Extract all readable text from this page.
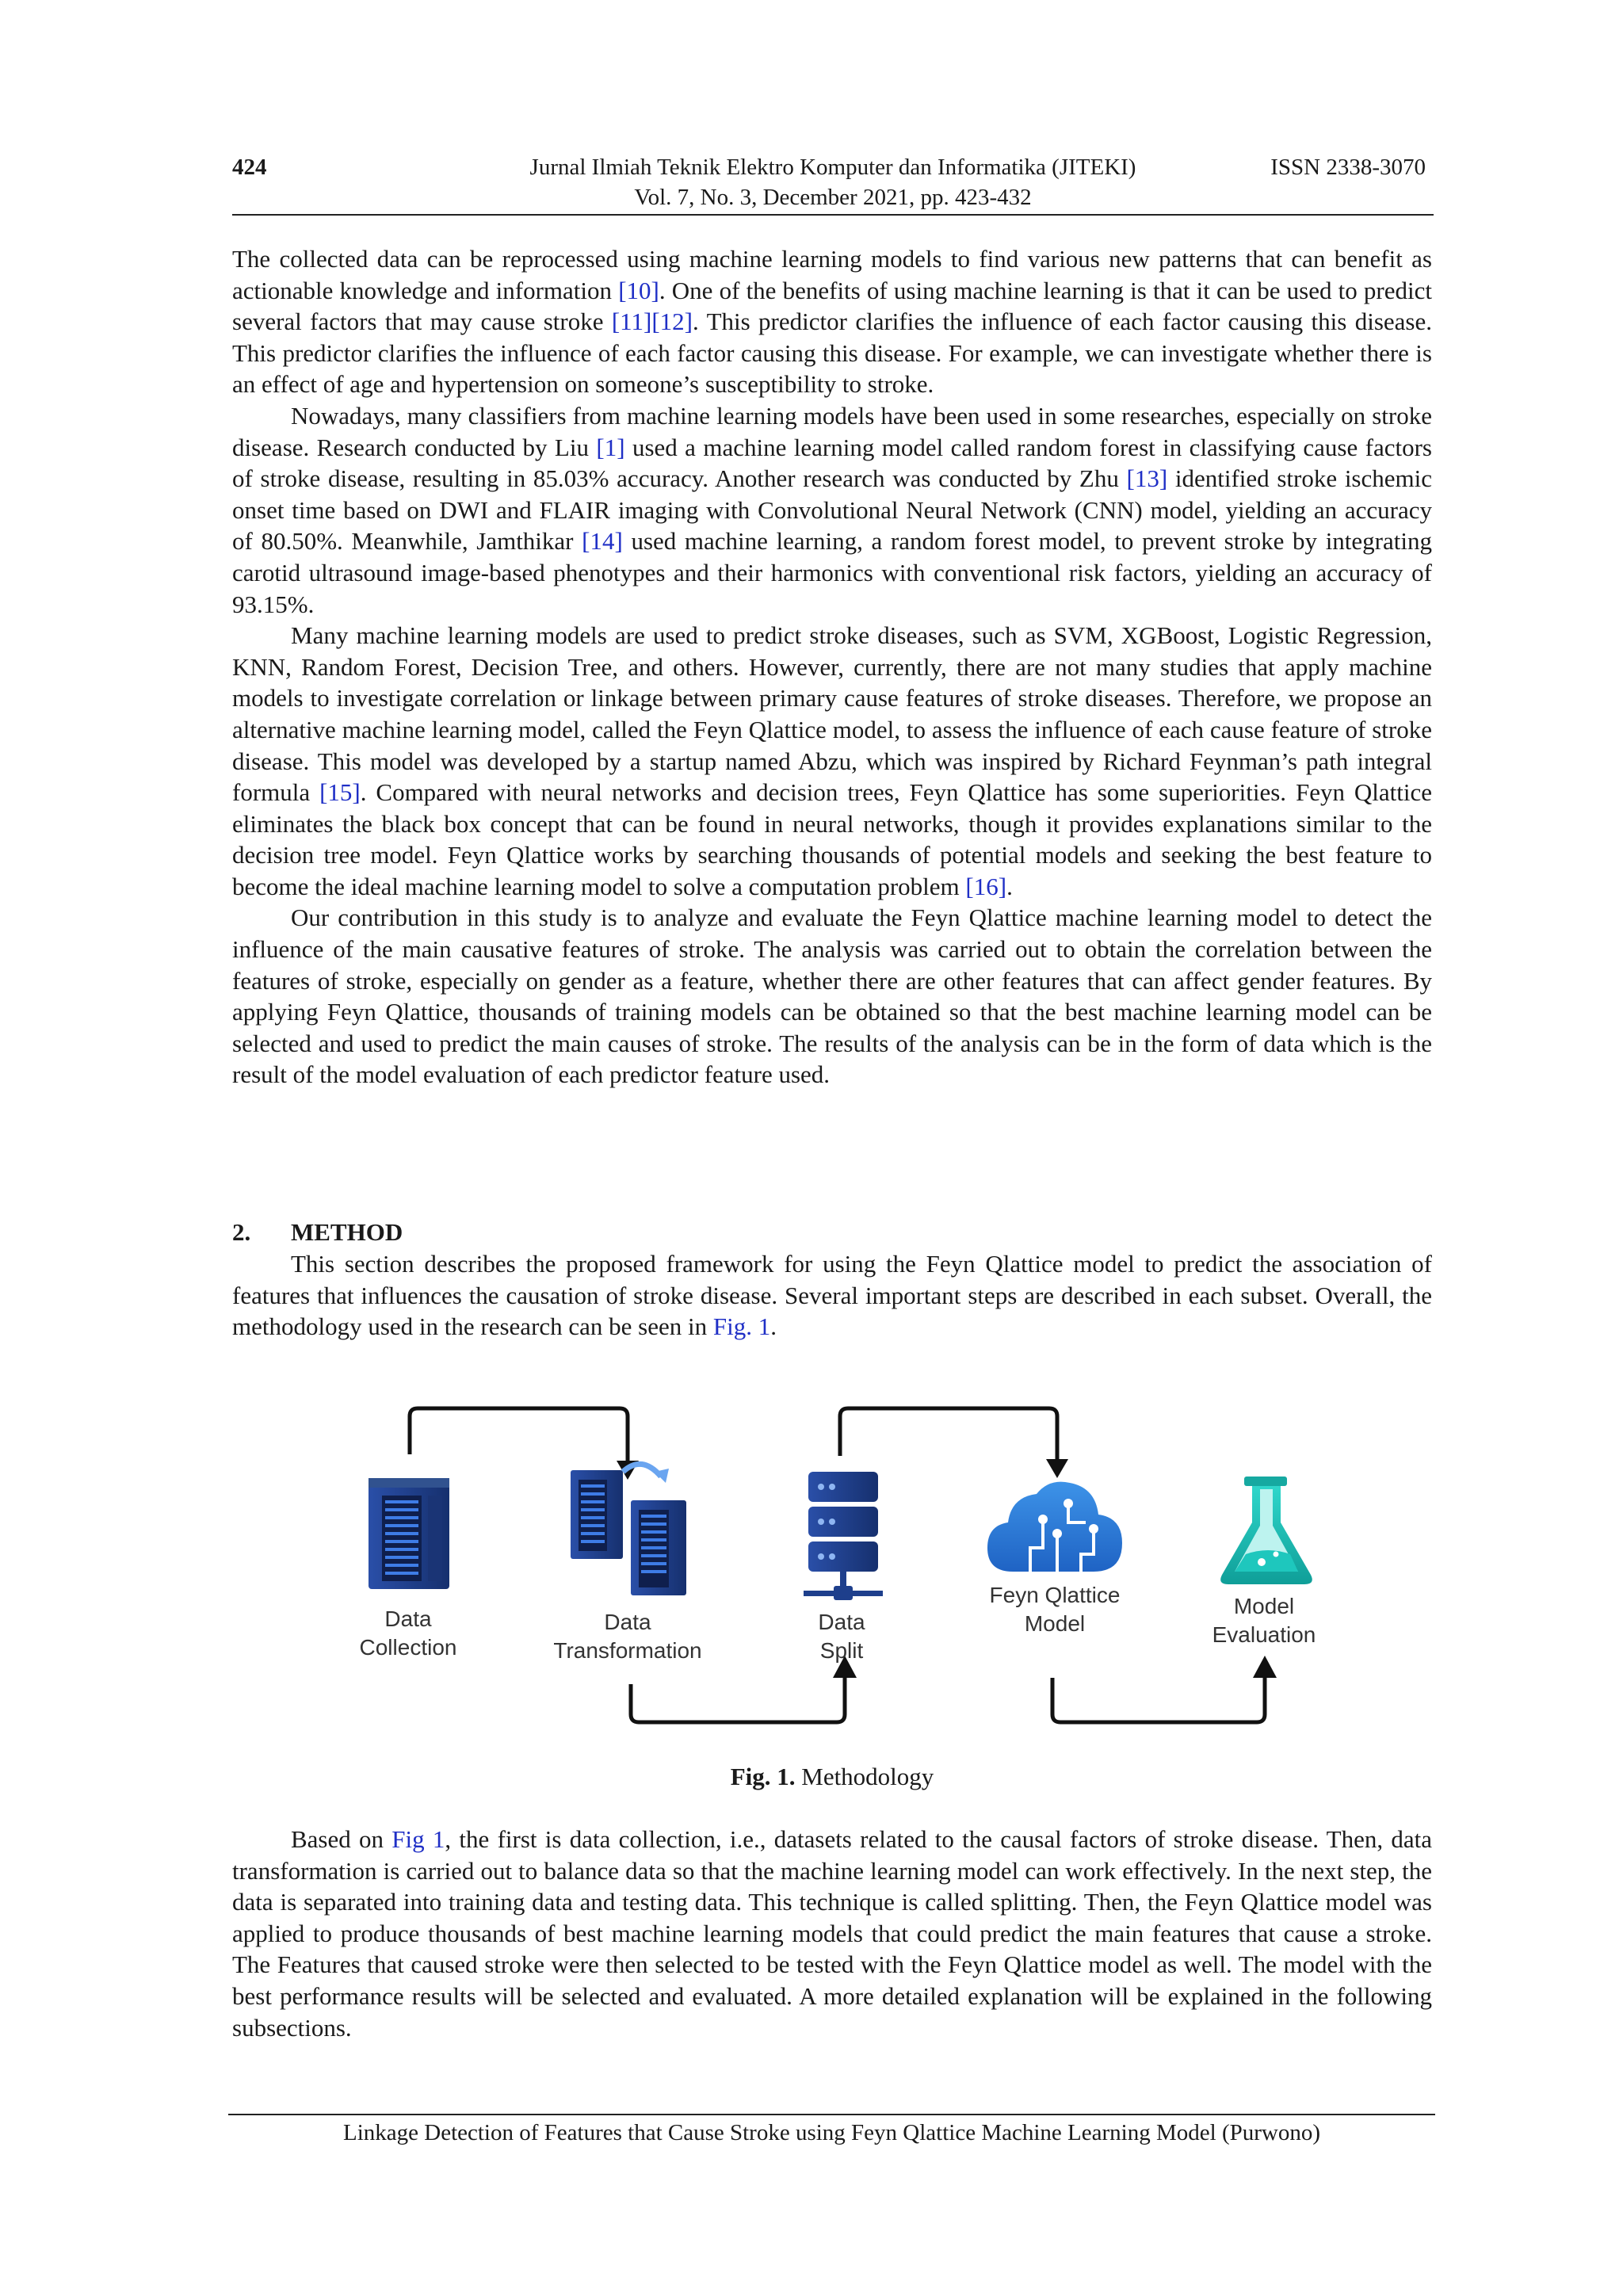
424	Jurnal Ilmiah Teknik Elektro Komputer dan Informatika (JITEKI)
Vol. 7, No. 3, December 2021, pp. 423-432
ISSN 2338-3070

The collected data can be reprocessed using machine learning models to find various new patterns that can benefit as actionable knowledge and information [10]. One of the benefits of using machine learning is that it can be used to predict several factors that may cause stroke [11][12]. This predictor clarifies the influence of each factor causing this disease. This predictor clarifies the influence of each factor causing this disease. For example, we can investigate whether there is an effect of age and hypertension on someone’s susceptibility to stroke.

Nowadays, many classifiers from machine learning models have been used in some researches, especially on stroke disease. Research conducted by Liu [1] used a machine learning model called random forest in classifying cause factors of stroke disease, resulting in 85.03% accuracy. Another research was conducted by Zhu [13] identified stroke ischemic onset time based on DWI and FLAIR imaging with Convolutional Neural Network (CNN) model, yielding an accuracy of 80.50%. Meanwhile, Jamthikar [14] used machine learning, a random forest model, to prevent stroke by integrating carotid ultrasound image-based phenotypes and their harmonics with conventional risk factors, yielding an accuracy of 93.15%.

Many machine learning models are used to predict stroke diseases, such as SVM, XGBoost, Logistic Regression, KNN, Random Forest, Decision Tree, and others. However, currently, there are not many studies that apply machine models to investigate correlation or linkage between primary cause features of stroke diseases. Therefore, we propose an alternative machine learning model, called the Feyn Qlattice model, to assess the influence of each cause feature of stroke disease. This model was developed by a startup named Abzu, which was inspired by Richard Feynman’s path integral formula [15]. Compared with neural networks and decision trees, Feyn Qlattice has some superiorities. Feyn Qlattice eliminates the black box concept that can be found in neural networks, though it provides explanations similar to the decision tree model. Feyn Qlattice works by searching thousands of potential models and seeking the best feature to become the ideal machine learning model to solve a computation problem [16].

Our contribution in this study is to analyze and evaluate the Feyn Qlattice machine learning model to detect the influence of the main causative features of stroke. The analysis was carried out to obtain the correlation between the features of stroke, especially on gender as a feature, whether there are other features that can affect gender features. By applying Feyn Qlattice, thousands of training models can be obtained so that the best machine learning model can be selected and used to predict the main causes of stroke. The results of the analysis can be in the form of data which is the result of the model evaluation of each predictor feature used.

2. METHOD
This section describes the proposed framework for using the Feyn Qlattice model to predict the association of features that influences the causation of stroke disease. Several important steps are described in each subset. Overall, the methodology used in the research can be seen in Fig. 1.
Data
Collection
Data
Transformation
Data
Split
Feyn Qlattice
Model
Model
Evaluation
Fig. 1. Methodology
Based on Fig 1, the first is data collection, i.e., datasets related to the causal factors of stroke disease. Then, data transformation is carried out to balance data so that the machine learning model can work effectively. In the next step, the data is separated into training data and testing data. This technique is called splitting. Then, the Feyn Qlattice model was applied to produce thousands of best machine learning models that could predict the main features that cause a stroke. The Features that caused stroke were then selected to be tested with the Feyn Qlattice model as well. The model with the best performance results will be selected and evaluated. A more detailed explanation will be explained in the following subsections.
Linkage Detection of Features that Cause Stroke using Feyn Qlattice Machine Learning Model (Purwono)
